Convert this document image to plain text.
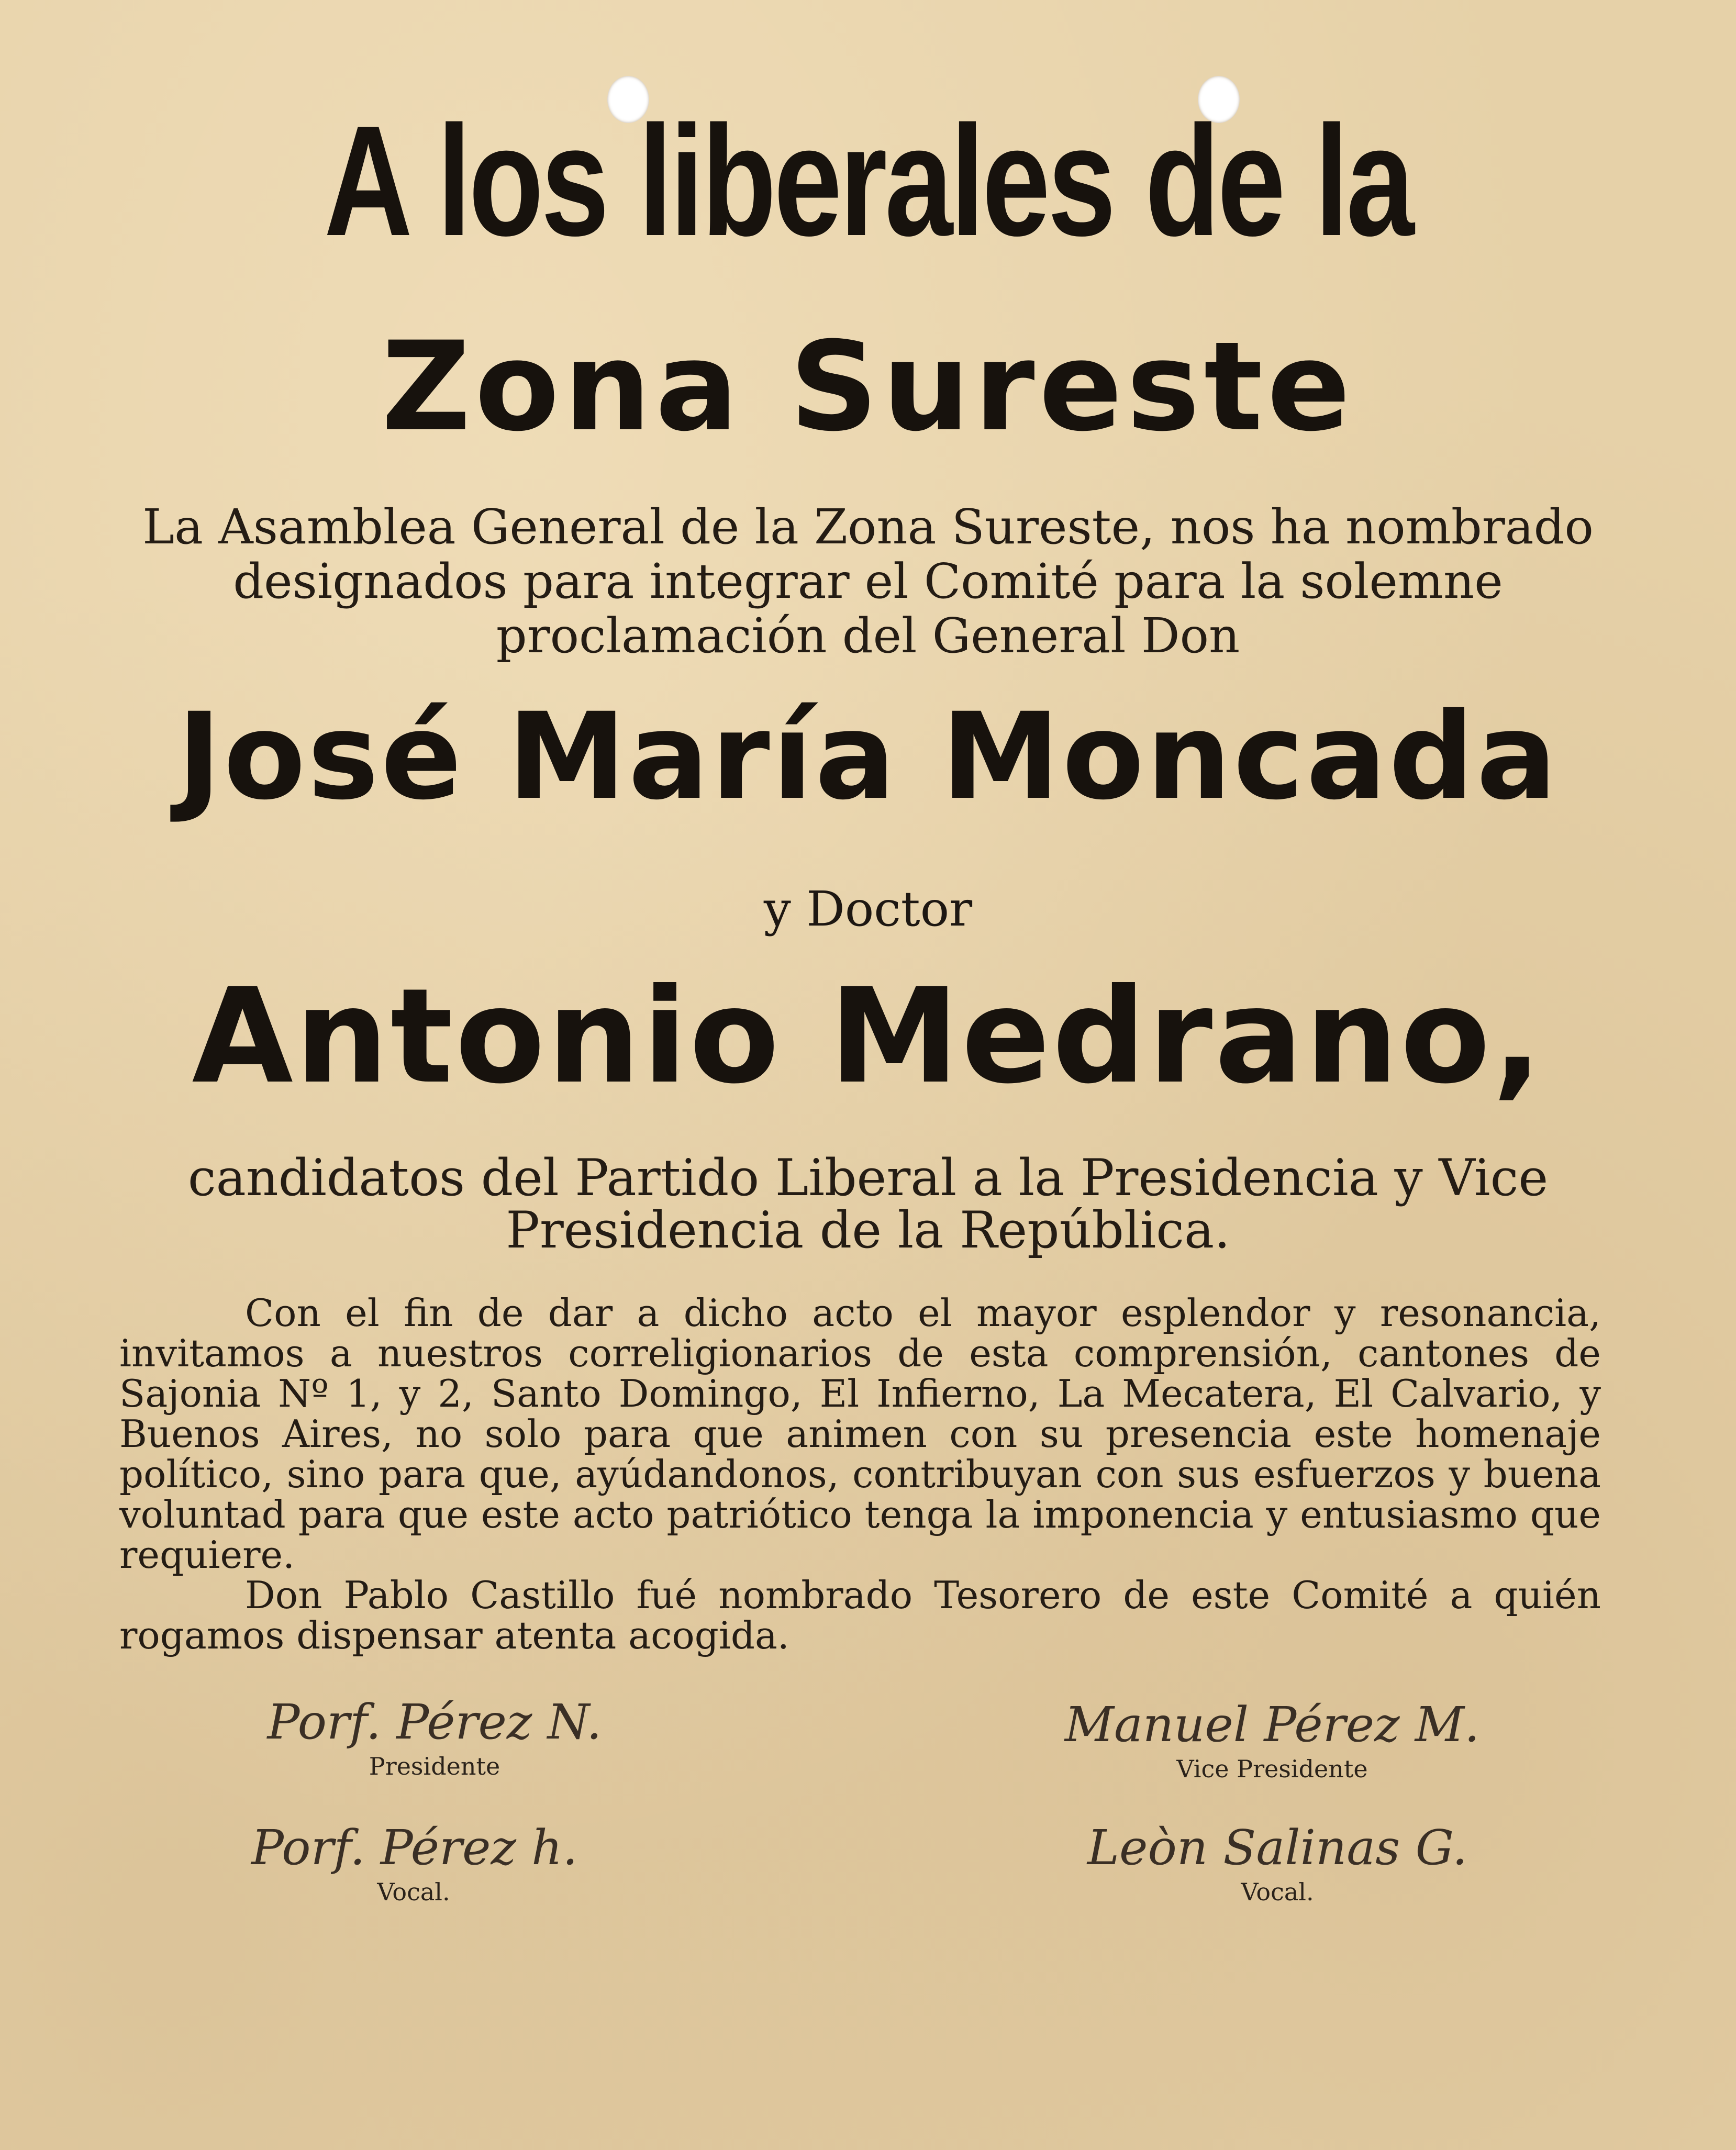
A los liberales de la
Zona Sureste
La Asamblea General de la Zona Sureste, nos ha nombrado
designados para integrar el Comité para la solemne
proclamación del General Don
José María Moncada
y Doctor
Antonio Medrano,
candidatos del Partido Liberal a la Presidencia y Vice
Presidencia de la República.

Con el fin de dar a dicho acto el mayor esplendor y resonancia, invitamos a nuestros correligionarios de esta comprensión, cantones de Sajonia Nº 1, y 2, Santo Domingo, El Infierno, La Mecatera, El Calvario, y Buenos Aires, no solo para que animen con su presencia este homenaje político, sino para que, ayúdandonos, contribuyan con sus esfuerzos y buena voluntad para que este acto patriótico tenga la imponencia y entusiasmo que requiere.

Don Pablo Castillo fué nombrado Tesorero de este Comité a quién rogamos dispensar atenta acogida.

Porf. Pérez N.
Presidente
Manuel Pérez M.
Vice Presidente
Porf. Pérez h.
Vocal.
Leòn Salinas G.
Vocal.
